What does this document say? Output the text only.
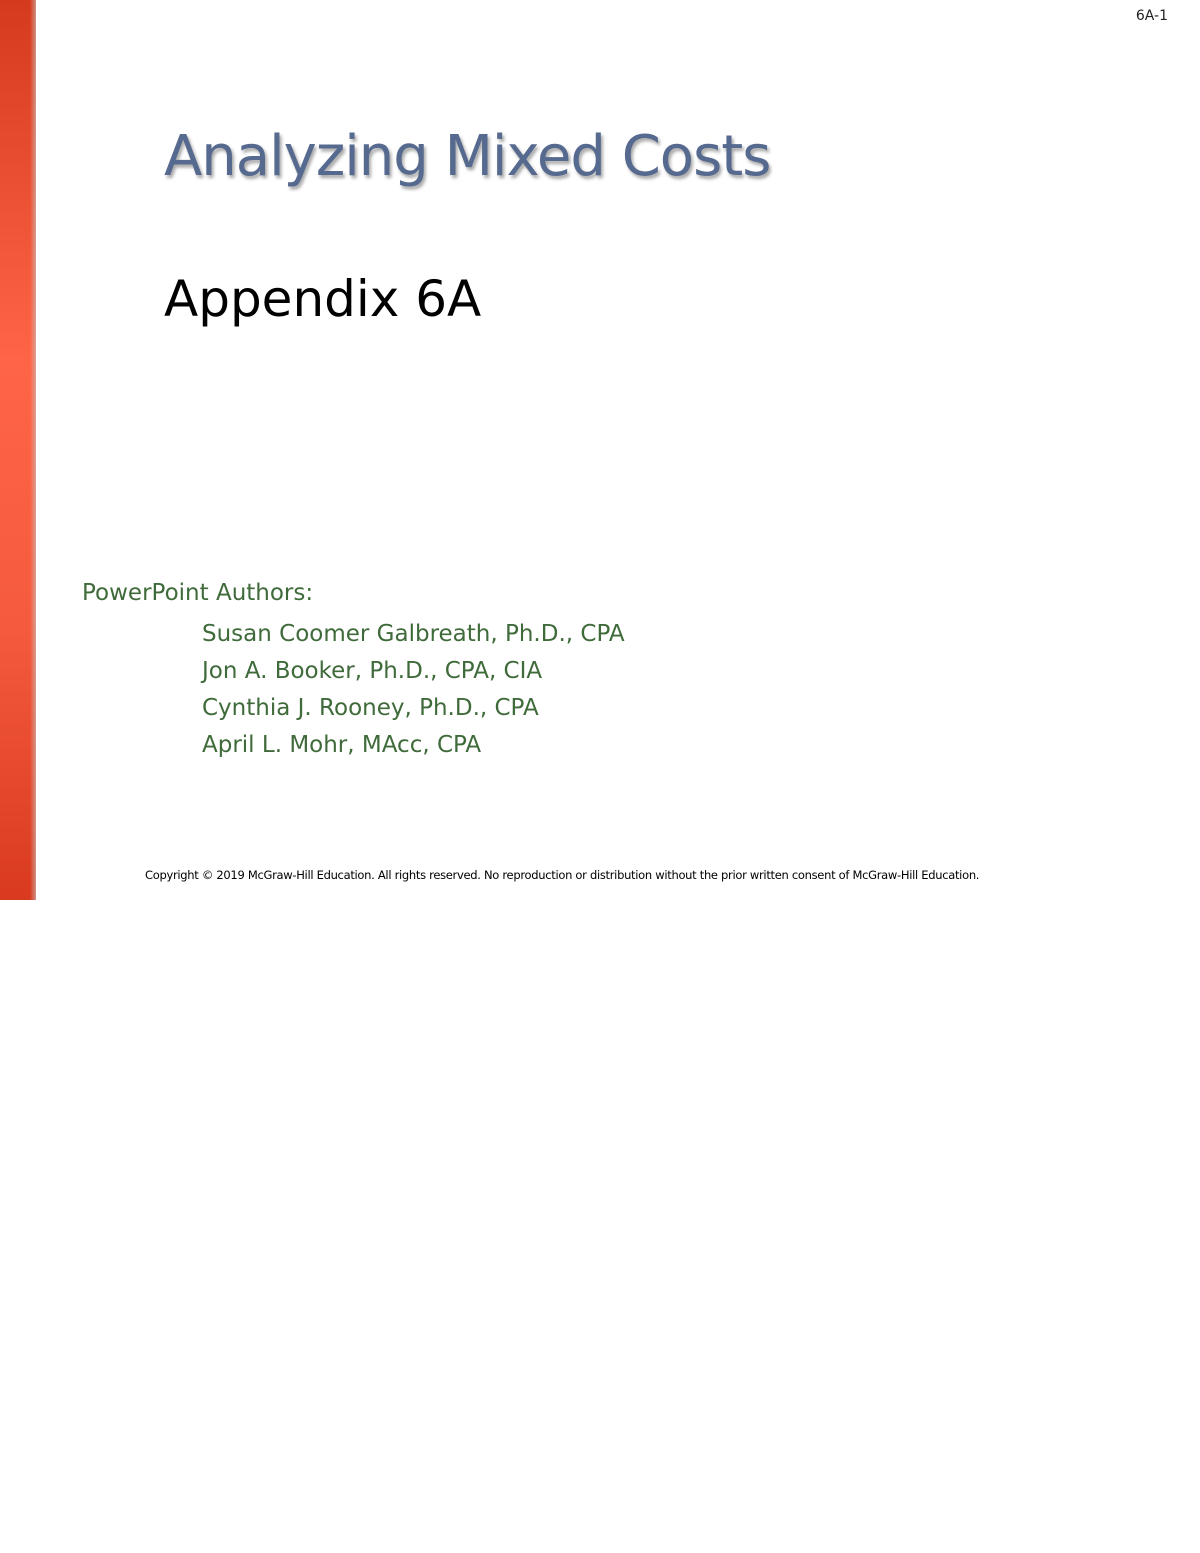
6A-1
Analyzing Mixed Costs
Appendix 6A
PowerPoint Authors:
Susan Coomer Galbreath, Ph.D., CPA
Jon A. Booker, Ph.D., CPA, CIA
Cynthia J. Rooney, Ph.D., CPA
April L. Mohr, MAcc, CPA
Copyright © 2019 McGraw-Hill Education. All rights reserved. No reproduction or distribution without the prior written consent of McGraw-Hill Education.
